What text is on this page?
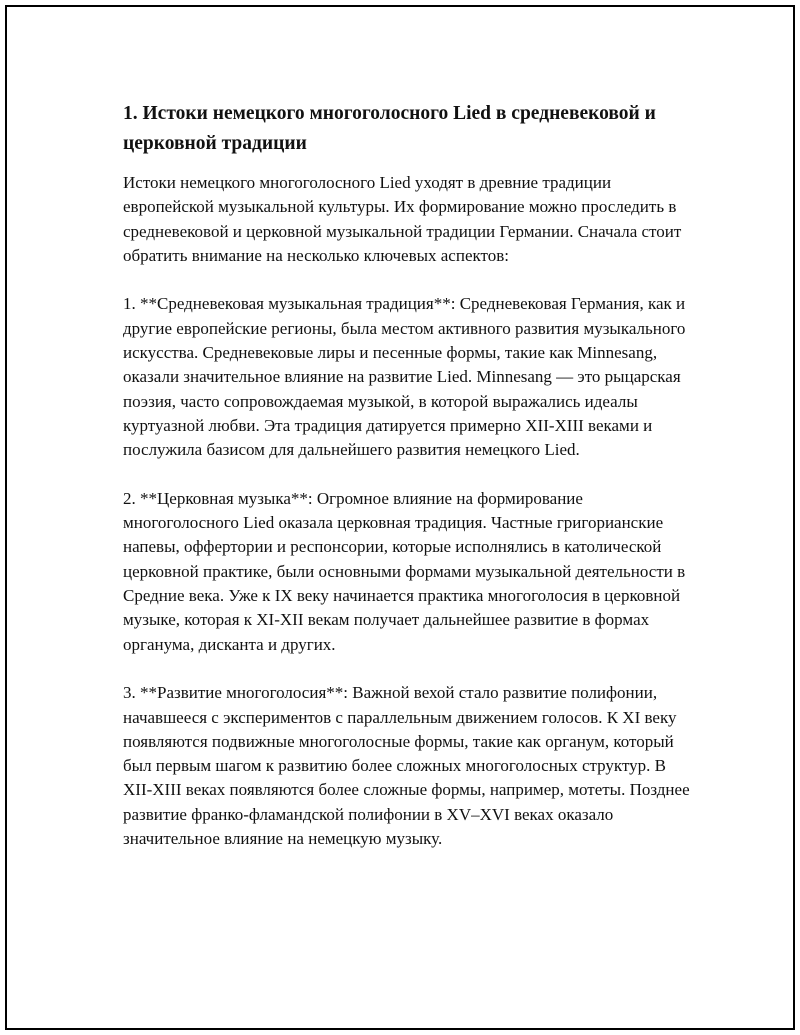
1. Истоки немецкого многоголосного Lied в средневековой и церковной традиции

Истоки немецкого многоголосного Lied уходят в древние традиции европейской музыкальной культуры. Их формирование можно проследить в средневековой и церковной музыкальной традиции Германии. Сначала стоит обратить внимание на несколько ключевых аспектов:

1. **Средневековая музыкальная традиция**: Средневековая Германия, как и другие европейские регионы, была местом активного развития музыкального искусства. Средневековые лиры и песенные формы, такие как Minnesang, оказали значительное влияние на развитие Lied. Minnesang — это рыцарская поэзия, часто сопровождаемая музыкой, в которой выражались идеалы куртуазной любви. Эта традиция датируется примерно XII-XIII веками и послужила базисом для дальнейшего развития немецкого Lied.

2. **Церковная музыка**: Огромное влияние на формирование многоголосного Lied оказала церковная традиция. Частные григорианские напевы, оффертории и респонсории, которые исполнялись в католической церковной практике, были основными формами музыкальной деятельности в Средние века. Уже к IX веку начинается практика многоголосия в церковной музыке, которая к XI-XII векам получает дальнейшее развитие в формах органума, дисканта и других.

3. **Развитие многоголосия**: Важной вехой стало развитие полифонии, начавшееся с экспериментов с параллельным движением голосов. К XI веку появляются подвижные многоголосные формы, такие как органум, который был первым шагом к развитию более сложных многоголосных структур. В XII-XIII веках появляются более сложные формы, например, мотеты. Позднее развитие франко-фламандской полифонии в XV–XVI веках оказало значительное влияние на немецкую музыку.
